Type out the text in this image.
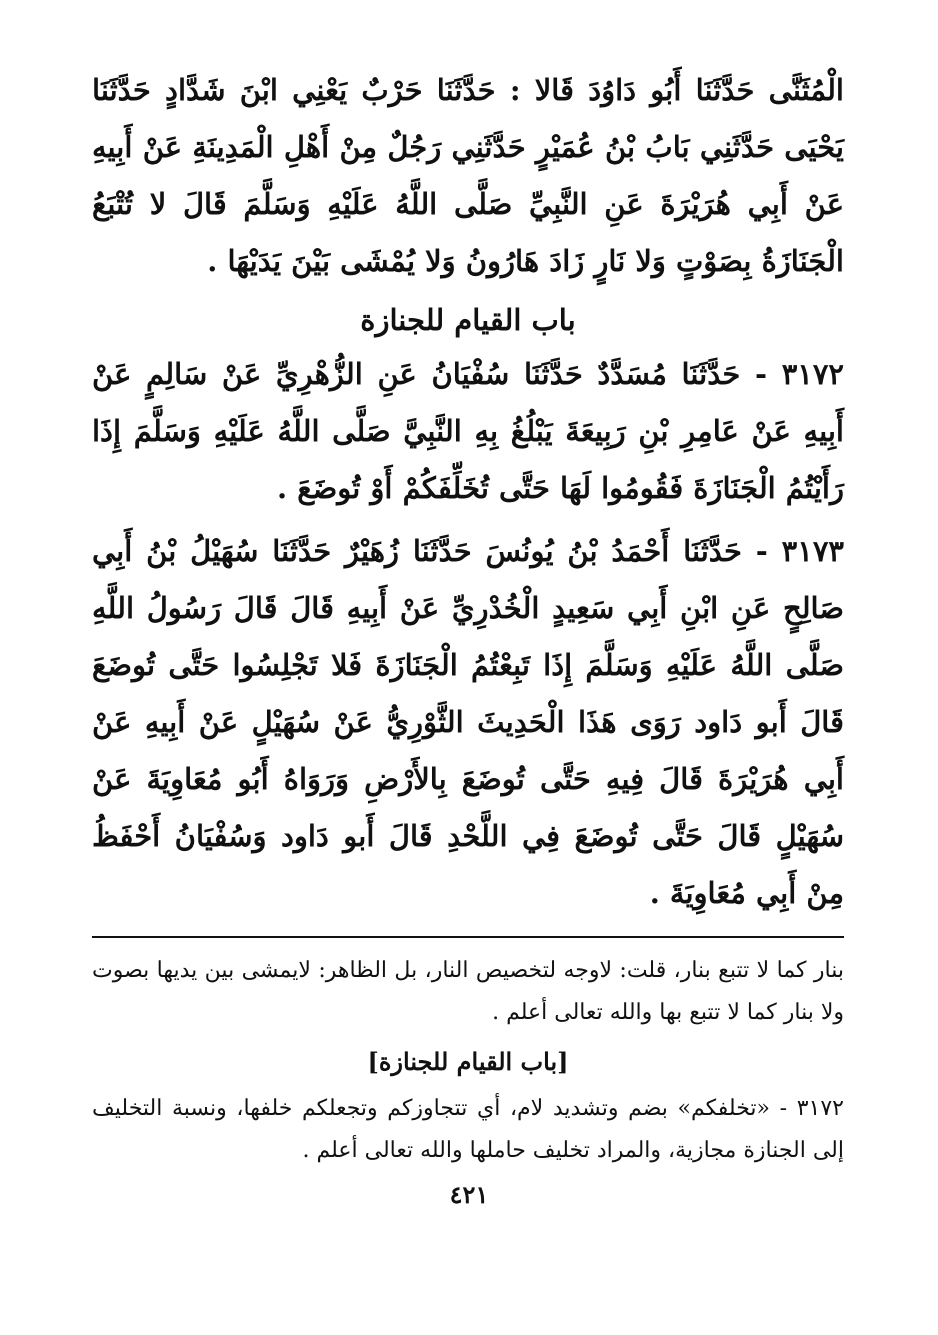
الْمُثَنَّى حَدَّثَنَا أَبُو دَاوُدَ قَالا : حَدَّثَنَا حَرْبٌ يَعْنِي ابْنَ شَدَّادٍ حَدَّثَنَا يَحْيَى حَدَّثَنِي بَابُ بْنُ عُمَيْرٍ حَدَّثَنِي رَجُلٌ مِنْ أَهْلِ الْمَدِينَةِ عَنْ أَبِيهِ عَنْ أَبِي هُرَيْرَةَ عَنِ النَّبِيِّ صَلَّى اللَّهُ عَلَيْهِ وَسَلَّمَ قَالَ لا تُتْبَعُ الْجَنَازَةُ بِصَوْتٍ وَلا نَارٍ زَادَ هَارُونُ وَلا يُمْشَى بَيْنَ يَدَيْهَا .

باب القيام للجنازة

٣١٧٢ - حَدَّثَنَا مُسَدَّدٌ حَدَّثَنَا سُفْيَانُ عَنِ الزُّهْرِيِّ عَنْ سَالِمٍ عَنْ أَبِيهِ عَنْ عَامِرِ بْنِ رَبِيعَةَ يَبْلُغُ بِهِ النَّبِيَّ صَلَّى اللَّهُ عَلَيْهِ وَسَلَّمَ إِذَا رَأَيْتُمُ الْجَنَازَةَ فَقُومُوا لَهَا حَتَّى تُخَلِّفَكُمْ أَوْ تُوضَعَ .

٣١٧٣ - حَدَّثَنَا أَحْمَدُ بْنُ يُونُسَ حَدَّثَنَا زُهَيْرٌ حَدَّثَنَا سُهَيْلُ بْنُ أَبِي صَالِحٍ عَنِ ابْنِ أَبِي سَعِيدٍ الْخُدْرِيِّ عَنْ أَبِيهِ قَالَ قَالَ رَسُولُ اللَّهِ صَلَّى اللَّهُ عَلَيْهِ وَسَلَّمَ إِذَا تَبِعْتُمُ الْجَنَازَةَ فَلا تَجْلِسُوا حَتَّى تُوضَعَ قَالَ أَبو دَاود رَوَى هَذَا الْحَدِيثَ الثَّوْرِيُّ عَنْ سُهَيْلٍ عَنْ أَبِيهِ عَنْ أَبِي هُرَيْرَةَ قَالَ فِيهِ حَتَّى تُوضَعَ بِالأَرْضِ وَرَوَاهُ أَبُو مُعَاوِيَةَ عَنْ سُهَيْلٍ قَالَ حَتَّى تُوضَعَ فِي اللَّحْدِ قَالَ أَبو دَاود وَسُفْيَانُ أَحْفَظُ مِنْ أَبِي مُعَاوِيَةَ .

بنار كما لا تتبع بنار، قلت: لاوجه لتخصيص النار، بل الظاهر: لايمشى بين يديها بصوت ولا بنار كما لا تتبع بها والله تعالى أعلم .

[باب القيام للجنازة]

٣١٧٢ - «تخلفكم» بضم وتشديد لام، أي تتجاوزكم وتجعلكم خلفها، ونسبة التخليف إلى الجنازة مجازية، والمراد تخليف حاملها والله تعالى أعلم .

٤٢١
